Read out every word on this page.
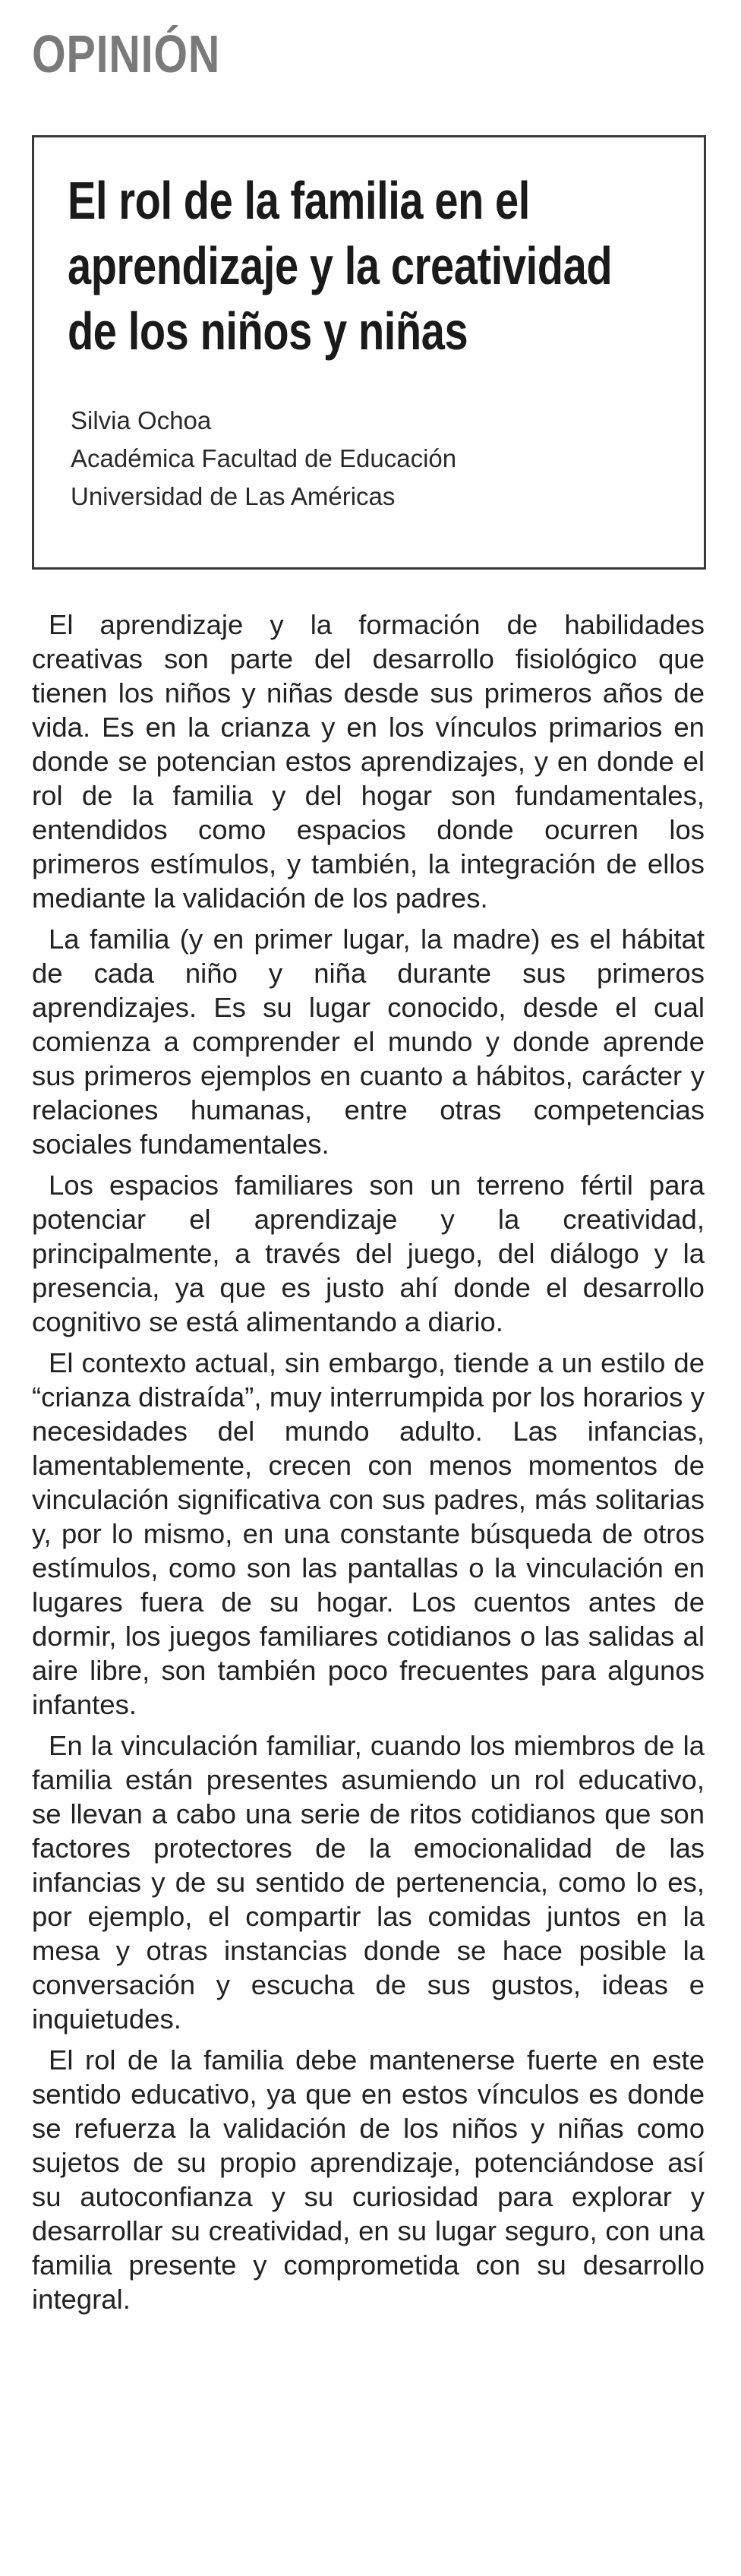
OPINIÓN
El rol de la familia en el
aprendizaje y la creatividad
de los niños y niñas
Silvia Ochoa
Académica Facultad de Educación
Universidad de Las Américas

El aprendizaje y la formación de habilidades creativas son parte del desarrollo fisiológico que tienen los niños y niñas desde sus primeros años de vida. Es en la crianza y en los vínculos primarios en donde se potencian estos aprendizajes, y en donde el rol de la familia y del hogar son fundamentales, entendidos como espacios donde ocurren los primeros estímulos, y también, la integración de ellos mediante la validación de los padres.

La familia (y en primer lugar, la madre) es el hábitat de cada niño y niña durante sus primeros aprendizajes. Es su lugar conocido, desde el cual comienza a comprender el mundo y donde aprende sus primeros ejemplos en cuanto a hábitos, carácter y relaciones humanas, entre otras competencias sociales fundamentales.

Los espacios familiares son un terreno fértil para potenciar el aprendizaje y la creatividad, principalmente, a través del juego, del diálogo y la presencia, ya que es justo ahí donde el desarrollo cognitivo se está alimentando a diario.

El contexto actual, sin embargo, tiende a un estilo de “crianza distraída”, muy interrumpida por los horarios y necesidades del mundo adulto. Las infancias, lamentablemente, crecen con menos momentos de vinculación significativa con sus padres, más solitarias y, por lo mismo, en una constante búsqueda de otros estímulos, como son las pantallas o la vinculación en lugares fuera de su hogar. Los cuentos antes de dormir, los juegos familiares cotidianos o las salidas al aire libre, son también poco frecuentes para algunos infantes.

En la vinculación familiar, cuando los miembros de la familia están presentes asumiendo un rol educativo, se llevan a cabo una serie de ritos cotidianos que son factores protectores de la emocionalidad de las infancias y de su sentido de pertenencia, como lo es, por ejemplo, el compartir las comidas juntos en la mesa y otras instancias donde se hace posible la conversación y escucha de sus gustos, ideas e inquietudes.

El rol de la familia debe mantenerse fuerte en este sentido educativo, ya que en estos vínculos es donde se refuerza la validación de los niños y niñas como sujetos de su propio aprendizaje, potenciándose así su autoconfianza y su curiosidad para explorar y desarrollar su creatividad, en su lugar seguro, con una familia presente y comprometida con su desarrollo integral.
